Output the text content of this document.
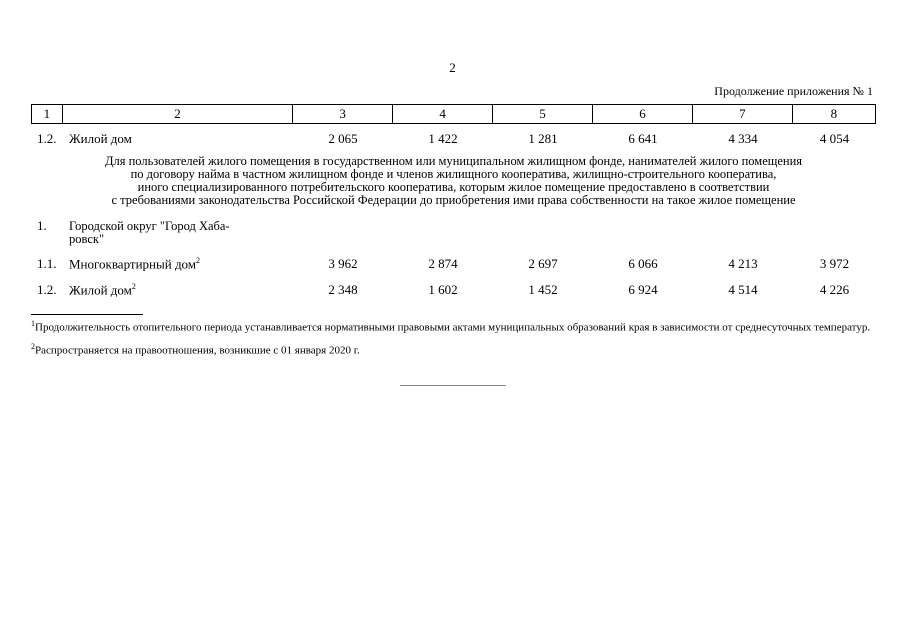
2
Продолжение приложения № 1
1	2	3	4	5	6	7	8
1.2. Жилой дом	2 065	1 422	1 281	6 641	4 334	4 054
Для пользователей жилого помещения в государственном или муниципальном жилищном фонде, нанимателей жилого помещения
по договору найма в частном жилищном фонде и членов жилищного кооператива, жилищно-строительного кооператива,
иного специализированного потребительского кооператива, которым жилое помещение предоставлено в соответствии
с требованиями законодательства Российской Федерации до приобретения ими права собственности на такое жилое помещение
1. Городской округ "Город Хаба-
ровск"
1.1. Многоквартирный дом$^2$	3 962	2 874	2 697	6 066	4 213	3 972
1.2. Жилой дом$^2$	2 348	1 602	1 452	6 924	4 514	4 226
$^1$Продолжительность отопительного периода устанавливается нормативными правовыми актами муниципальных образований края в зависимости от среднесуточных температур.
$^2$Распространяется на правоотношения, возникшие с 01 января 2020 г.
